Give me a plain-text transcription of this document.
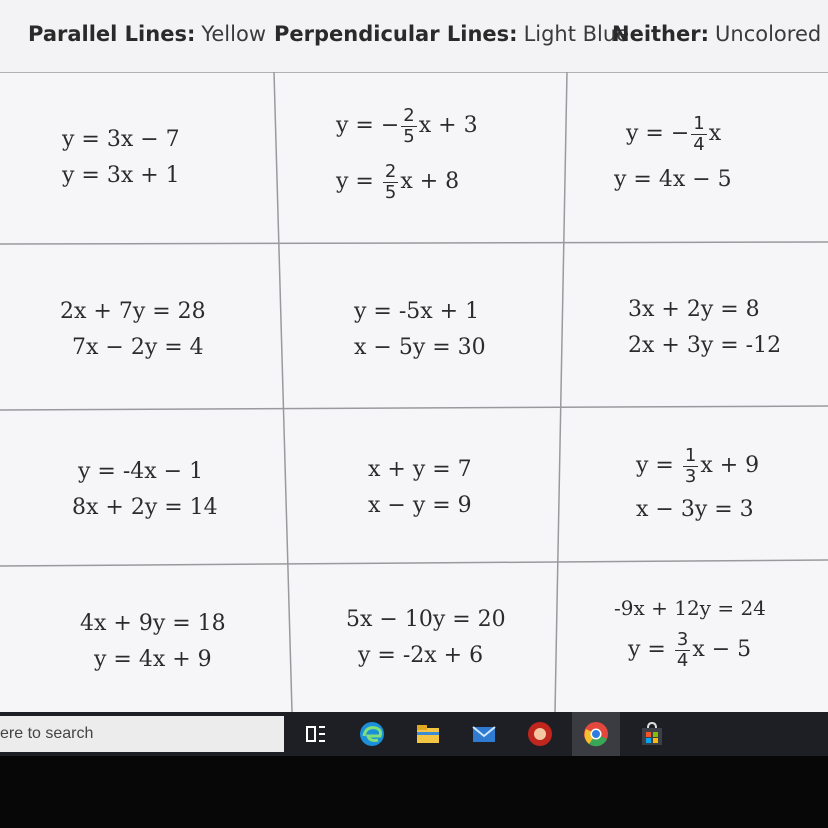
Parallel Lines: Yellow Perpendicular Lines: Light Blue
Neither: Uncolored
y = 3x − 7
y = 3x + 1
y = − $\frac{2}{5}$ x + 3
$y = \frac{2}{5}$ x + 8
y = − $\frac{1}{4}$ x
y = 4x − 5
2x + 7y = 28
7x − 2y = 4
y = -5x + 1
x − 5y = 30
3x + 2y = 8
2x + 3y = -12
y = -4x − 1
8x + 2y = 14
x + y = 7
x − y = 9
$y = \frac{1}{3}$ x + 9
x − 3y = 3
4x + 9y = 18
y = 4x + 9
5x − 10y = 20
y = -2x + 6
-9x + 12y = 24
$y = \frac{3}{4}$ x − 5
ere to search
